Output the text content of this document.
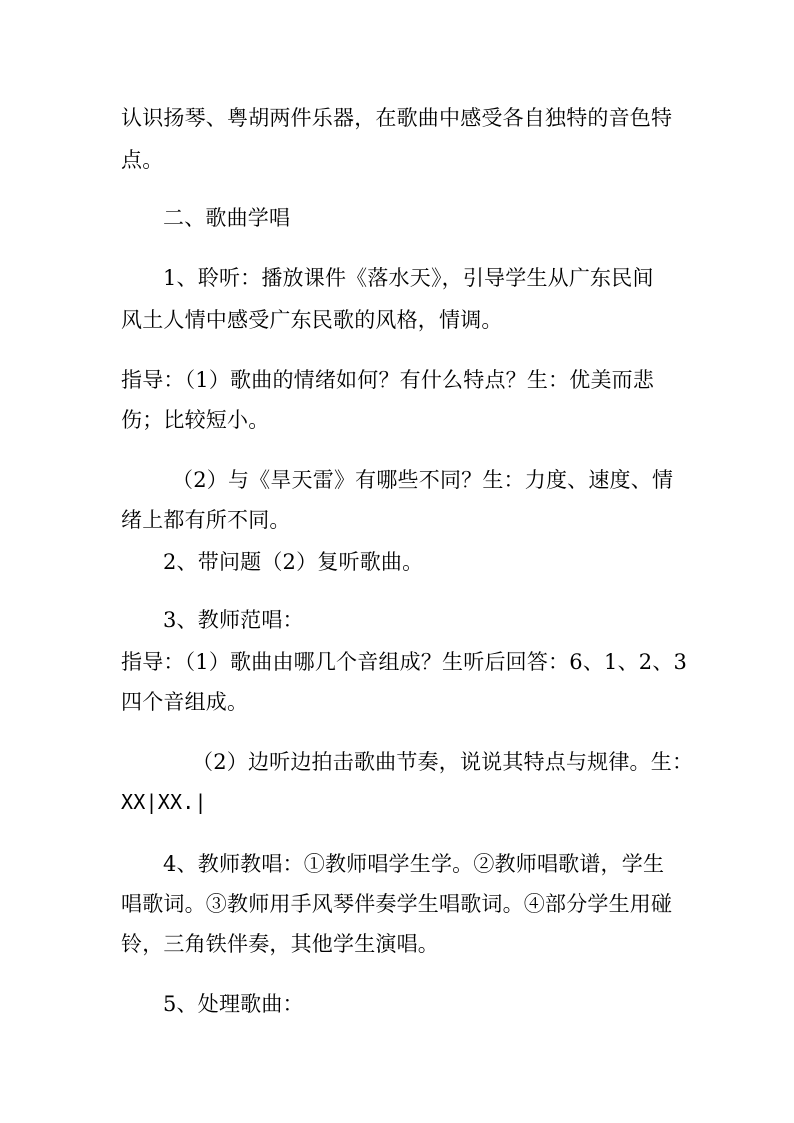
认识扬琴、粤胡两件乐器，在歌曲中感受各自独特的音色特
点。
二、歌曲学唱
1、聆听：播放课件《落水天》，引导学生从广东民间
风土人情中感受广东民歌的风格，情调。
指导：（1）歌曲的情绪如何？有什么特点？生：优美而悲
伤；比较短小。
（2）与《旱天雷》有哪些不同？生：力度、速度、情
绪上都有所不同。
2、带问题（2）复听歌曲。
3、教师范唱：
指导：（1）歌曲由哪几个音组成？生听后回答：6、1、2、3
四个音组成。
（2）边听边拍击歌曲节奏，说说其特点与规律。生：
XX|XX.|
4、教师教唱：①教师唱学生学。②教师唱歌谱，学生
唱歌词。③教师用手风琴伴奏学生唱歌词。④部分学生用碰
铃，三角铁伴奏，其他学生演唱。
5、处理歌曲：
